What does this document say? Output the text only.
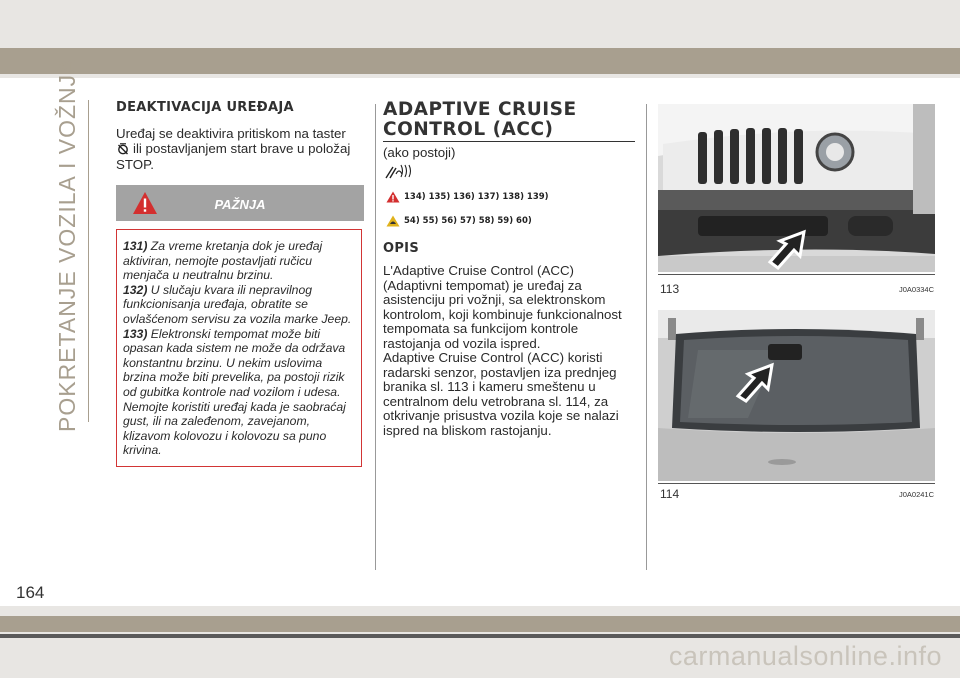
POKRETANJE VOZILA I VOŽNJA	DEAKTIVACIJA UREĐAJA

Uređaj se deaktivira pritiskom na taster
ili postavljanjem start brave u položaj STOP.

PAŽNJA

131) Za vreme kretanja dok je uređaj aktiviran, nemojte postavljati ručicu menjača u neutralnu brzinu.

132) U slučaju kvara ili nepravilnog funkcionisanja uređaja, obratite se ovlašćenom servisu za vozila marke Jeep.

133) Elektronski tempomat može biti opasan kada sistem ne može da održava konstantnu brzinu. U nekim uslovima brzina može biti prevelika, pa postoji rizik od gubitka kontrole nad vozilom i udesa. Nemojte koristiti uređaj kada je saobraćaj gust, ili na zaleđenom, zavejanom, klizavom kolovozu i kolovozu sa puno krivina.

ADAPTIVE CRUISE
CONTROL (ACC)

(ako postoji)

134) 135) 136) 137) 138) 139)
54) 55) 56) 57) 58) 59) 60)
OPIS

L'Adaptive Cruise Control (ACC) (Adaptivni tempomat) je uređaj za asistenciju pri vožnji, sa elektronskom kontrolom, koji kombinuje funkcionalnost tempomata sa funkcijom kontrole rastojanja od vozila ispred.

Adaptive Cruise Control (ACC) koristi radarski senzor, postavljen iza prednjeg branika sl. 113 i kameru smeštenu u centralnom delu vetrobrana sl. 114, za otkrivanje prisustva vozila koje se nalazi ispred na bliskom rastojanju.

113	J0A0334C
114	J0A0241C
164
carmanualsonline.info
